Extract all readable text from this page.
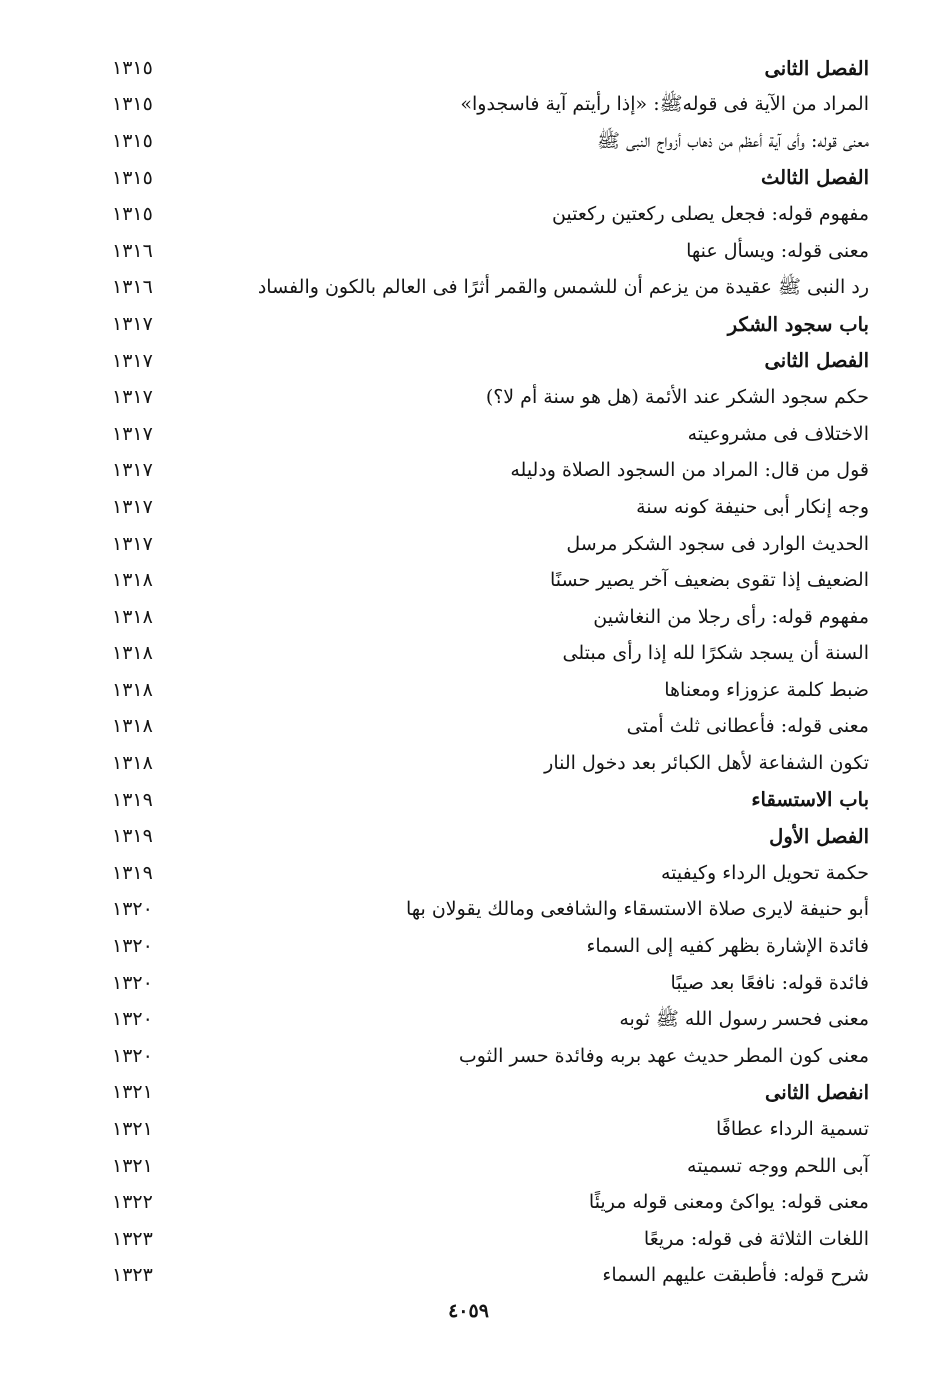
الفصل الثانى
١٣١٥
المراد من الآية فى قولهﷺ: «إذا رأيتم آية فاسجدوا»
١٣١٥
معنى قوله: وأى آية أعظم من ذهاب أزواج النبى ﷺ
١٣١٥
الفصل الثالث
١٣١٥
مفهوم قوله: فجعل يصلى ركعتين ركعتين
١٣١٥
معنى قوله: ويسأل عنها
١٣١٦
رد النبى ﷺ عقيدة من يزعم أن للشمس والقمر أثرًا فى العالم بالكون والفساد
١٣١٦
باب سجود الشكر
١٣١٧
الفصل الثانى
١٣١٧
حكم سجود الشكر عند الأئمة (هل هو سنة أم لا؟)
١٣١٧
الاختلاف فى مشروعيته
١٣١٧
قول من قال: المراد من السجود الصلاة ودليله
١٣١٧
وجه إنكار أبى حنيفة كونه سنة
١٣١٧
الحديث الوارد فى سجود الشكر مرسل
١٣١٧
الضعيف إذا تقوى بضعيف آخر يصير حسنًا
١٣١٨
مفهوم قوله: رأى رجلا من النغاشين
١٣١٨
السنة أن يسجد شكرًا لله إذا رأى مبتلى
١٣١٨
ضبط كلمة عزوزاء ومعناها
١٣١٨
معنى قوله: فأعطانى ثلث أمتى
١٣١٨
تكون الشفاعة لأهل الكبائر بعد دخول النار
١٣١٨
باب الاستسقاء
١٣١٩
الفصل الأول
١٣١٩
حكمة تحويل الرداء وكيفيته
١٣١٩
أبو حنيفة لايرى صلاة الاستسقاء والشافعى ومالك يقولان بها
١٣٢٠
فائدة الإشارة بظهر كفيه إلى السماء
١٣٢٠
فائدة قوله: نافعًا بعد صيبًا
١٣٢٠
معنى فحسر رسول الله ﷺ ثوبه
١٣٢٠
معنى كون المطر حديث عهد بربه وفائدة حسر الثوب
١٣٢٠
انفصل الثانى
١٣٢١
تسمية الرداء عطافًا
١٣٢١
آبى اللحم ووجه تسميته
١٣٢١
معنى قوله: يواكئ ومعنى قوله مريئًا
١٣٢٢
اللغات الثلاثة فى قوله: مريعًا
١٣٢٣
شرح قوله: فأطبقت عليهم السماء
١٣٢٣
٤٠٥٩
